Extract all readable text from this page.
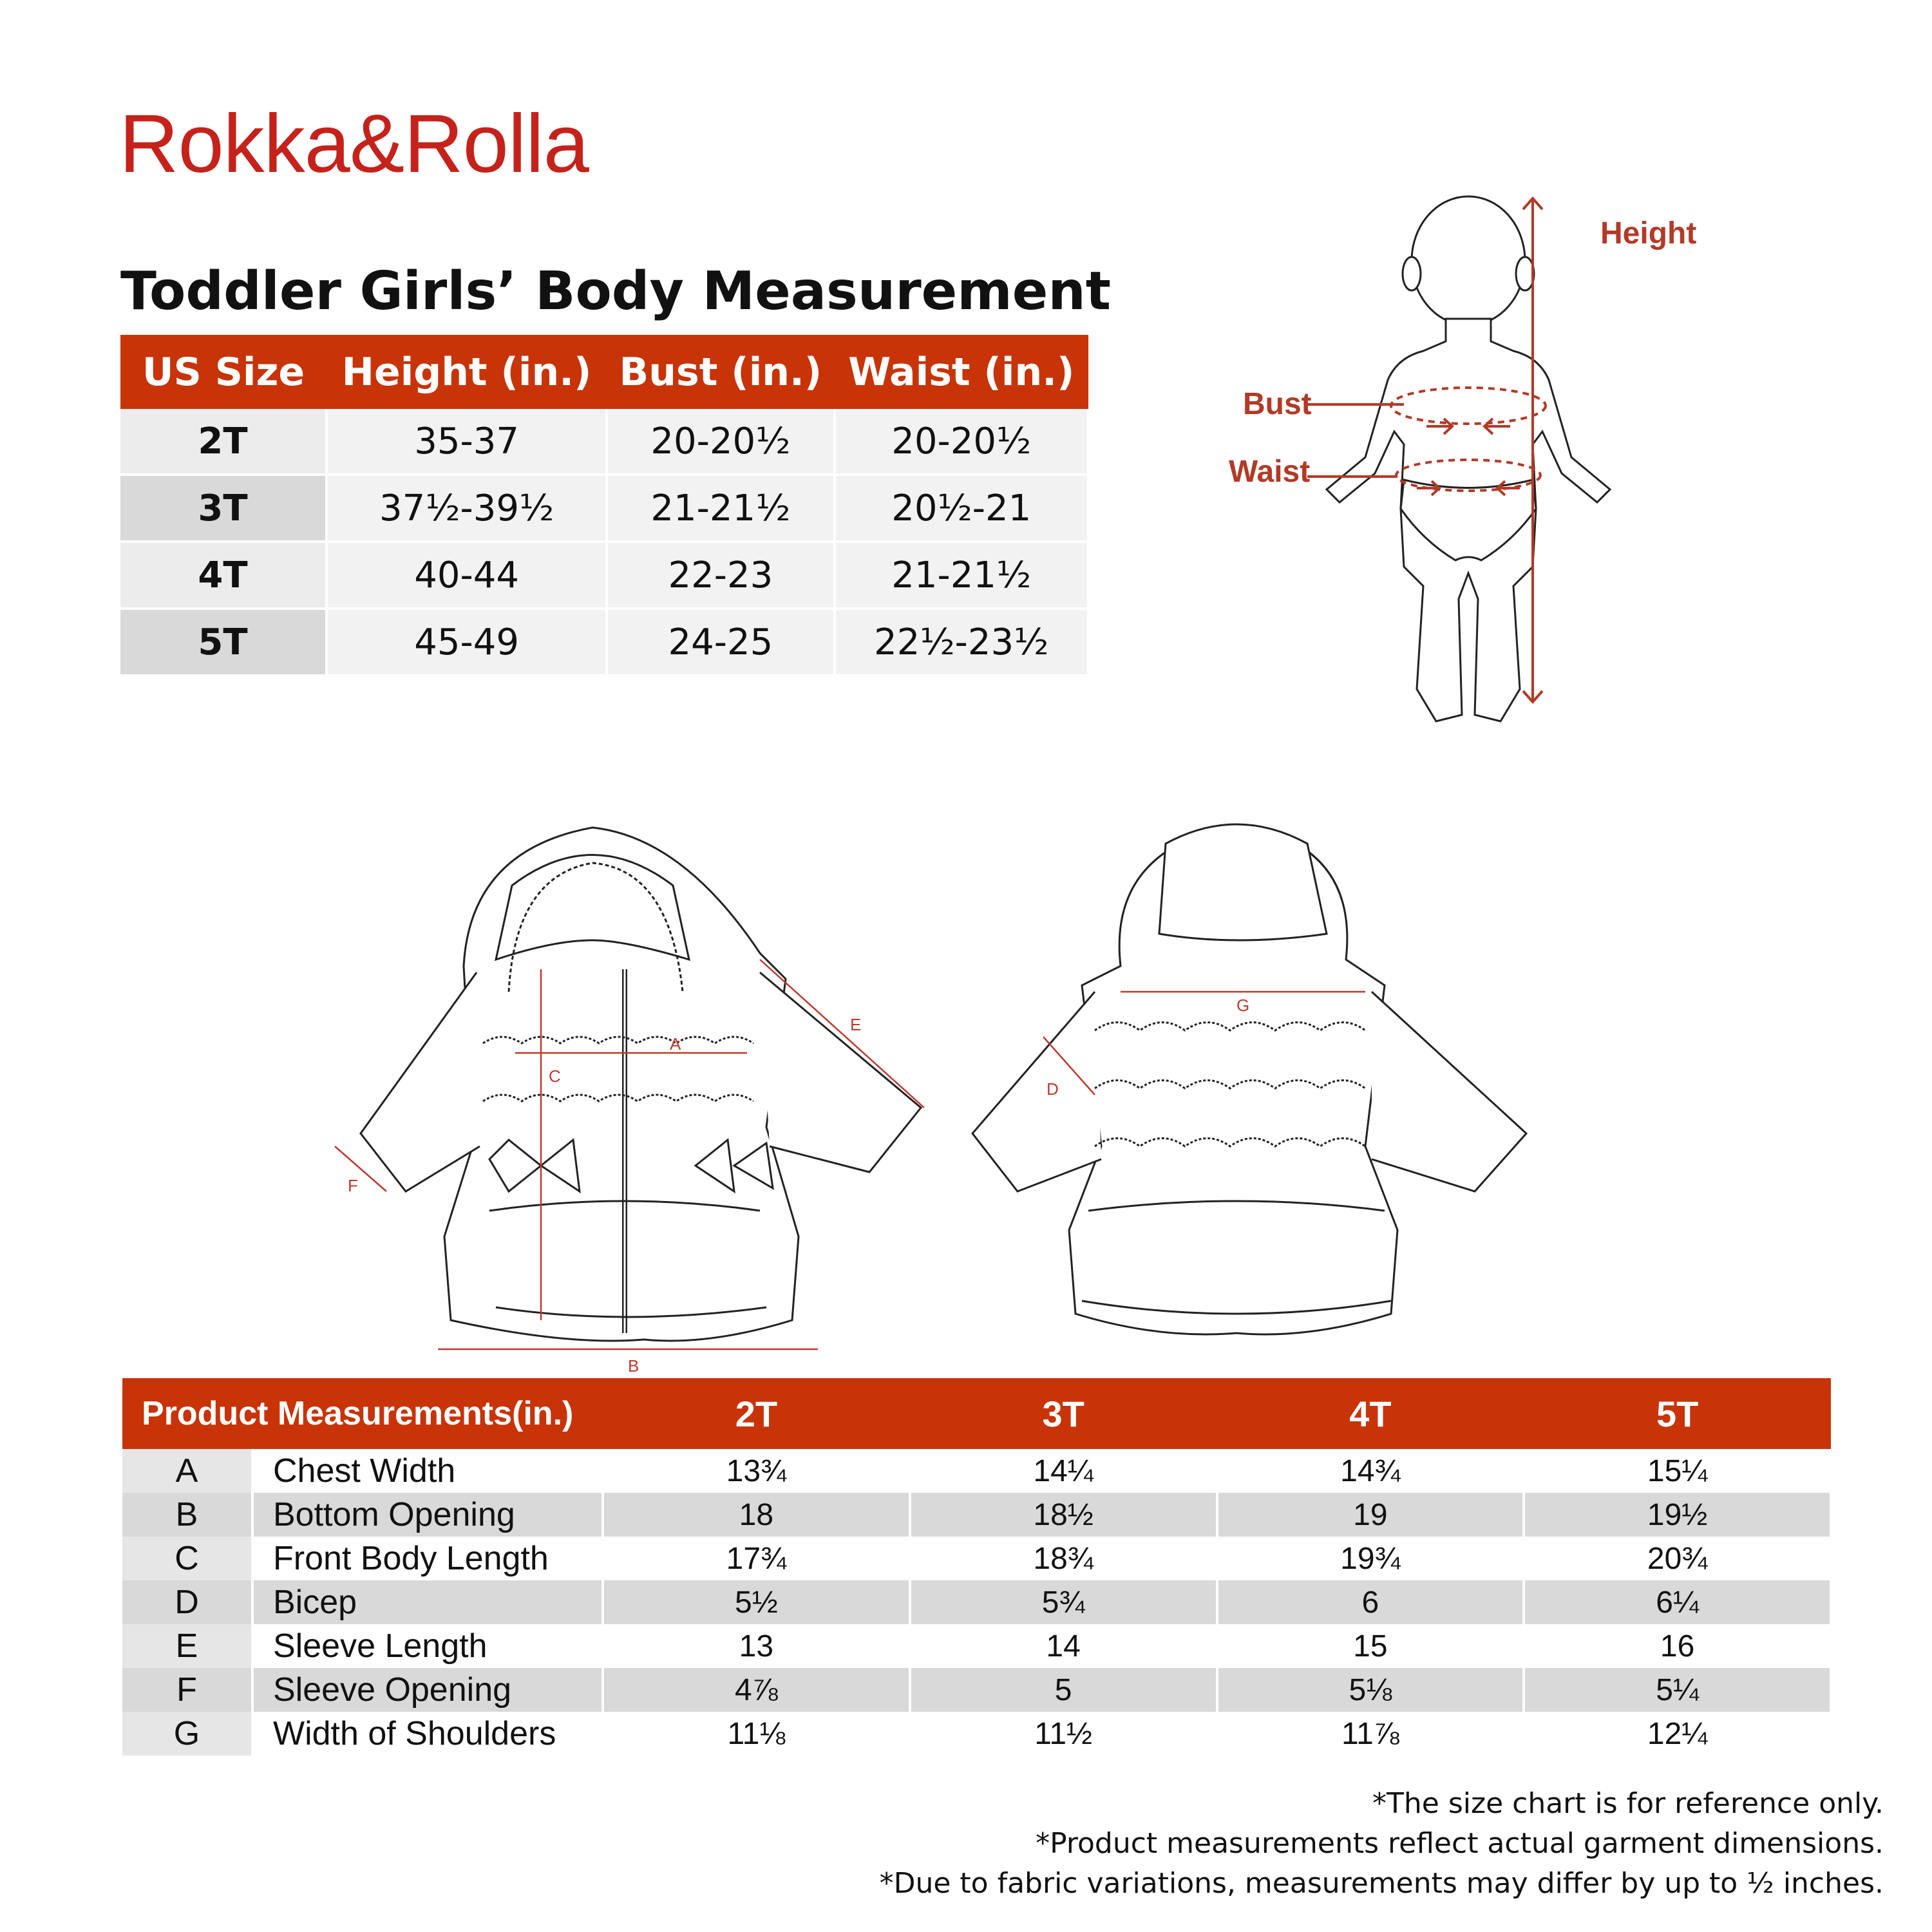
Rokka&Rolla
Toddler Girls’ Body Measurement
US Size	Height (in.)	Bust (in.)	Waist (in.)
2T	35-37	20-20½	20-20½
3T	37½-39½	21-21½	20½-21
4T	40-44	22-23	21-21½
5T	45-49	24-25	22½-23½
Height
Bust
Waist
A
C
E
F
B
G
D
Product Measurements(in.)		2T	3T	4T	5T
A	Chest Width	13¾	14¼	14¾	15¼
B	Bottom Opening	18	18½	19	19½
C	Front Body Length	17¾	18¾	19¾	20¾
D	Bicep	5½	5¾	6	6¼
E	Sleeve Length	13	14	15	16
F	Sleeve Opening	4⅞	5	5⅛	5¼
G	Width of Shoulders	11⅛	11½	11⅞	12¼
*The size chart is for reference only.
*Product measurements reflect actual garment dimensions.
*Due to fabric variations, measurements may differ by up to ½ inches.
